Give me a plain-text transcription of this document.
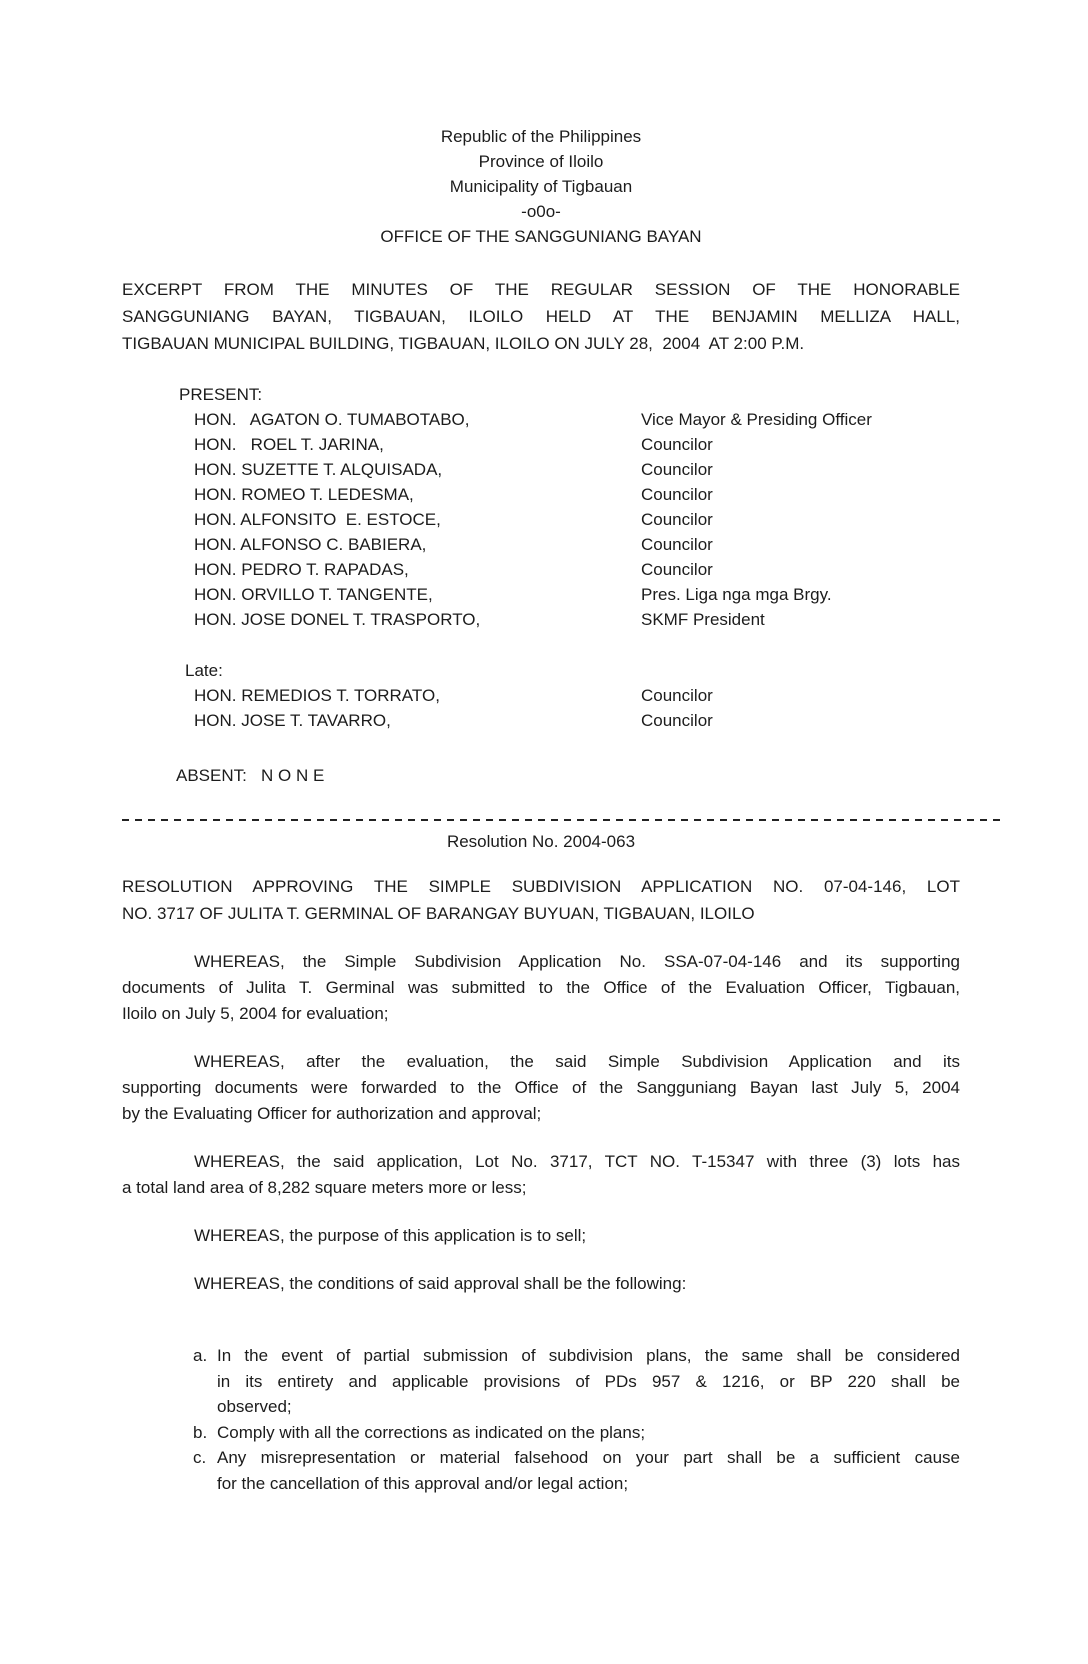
Republic of the Philippines
Province of Iloilo
Municipality of Tigbauan
-o0o-
OFFICE OF THE SANGGUNIANG BAYAN
EXCERPT FROM THE MINUTES OF THE REGULAR SESSION OF THE HONORABLE
SANGGUNIANG BAYAN, TIGBAUAN, ILOILO HELD AT THE BENJAMIN MELLIZA HALL,
TIGBAUAN MUNICIPAL BUILDING, TIGBAUAN, ILOILO ON JULY 28,  2004  AT 2:00 P.M.
PRESENT:
HON.   AGATON O. TUMABOTABO,	Vice Mayor & Presiding Officer
HON.   ROEL T. JARINA,	Councilor
HON. SUZETTE T. ALQUISADA,	Councilor
HON. ROMEO T. LEDESMA,	Councilor
HON. ALFONSITO  E. ESTOCE,	Councilor
HON. ALFONSO C. BABIERA,	Councilor
HON. PEDRO T. RAPADAS,	Councilor
HON. ORVILLO T. TANGENTE,	Pres. Liga nga mga Brgy.
HON. JOSE DONEL T. TRASPORTO,	SKMF President
Late:
HON. REMEDIOS T. TORRATO,	Councilor
HON. JOSE T. TAVARRO,	Councilor
ABSENT:   N O N E
Resolution No. 2004-063
RESOLUTION APPROVING THE SIMPLE SUBDIVISION APPLICATION NO. 07-04-146, LOT
NO. 3717 OF JULITA T. GERMINAL OF BARANGAY BUYUAN, TIGBAUAN, ILOILO
WHEREAS, the Simple Subdivision Application No. SSA-07-04-146 and its supporting
documents of Julita T. Germinal was submitted to the Office of the Evaluation Officer, Tigbauan,
Iloilo on July 5, 2004 for evaluation;
WHEREAS, after the evaluation, the said Simple Subdivision Application and its
supporting documents were forwarded to the Office of the Sangguniang Bayan last July 5, 2004
by the Evaluating Officer for authorization and approval;
WHEREAS, the said application, Lot No. 3717, TCT NO. T-15347 with three (3) lots has
a total land area of 8,282 square meters more or less;
WHEREAS, the purpose of this application is to sell;
WHEREAS, the conditions of said approval shall be the following:
a. In the event of partial submission of subdivision plans, the same shall be considered
in its entirety and applicable provisions of PDs 957 & 1216, or BP 220 shall be
observed;
b. Comply with all the corrections as indicated on the plans;
c. Any misrepresentation or material falsehood on your part shall be a sufficient cause
for the cancellation of this approval and/or legal action;
